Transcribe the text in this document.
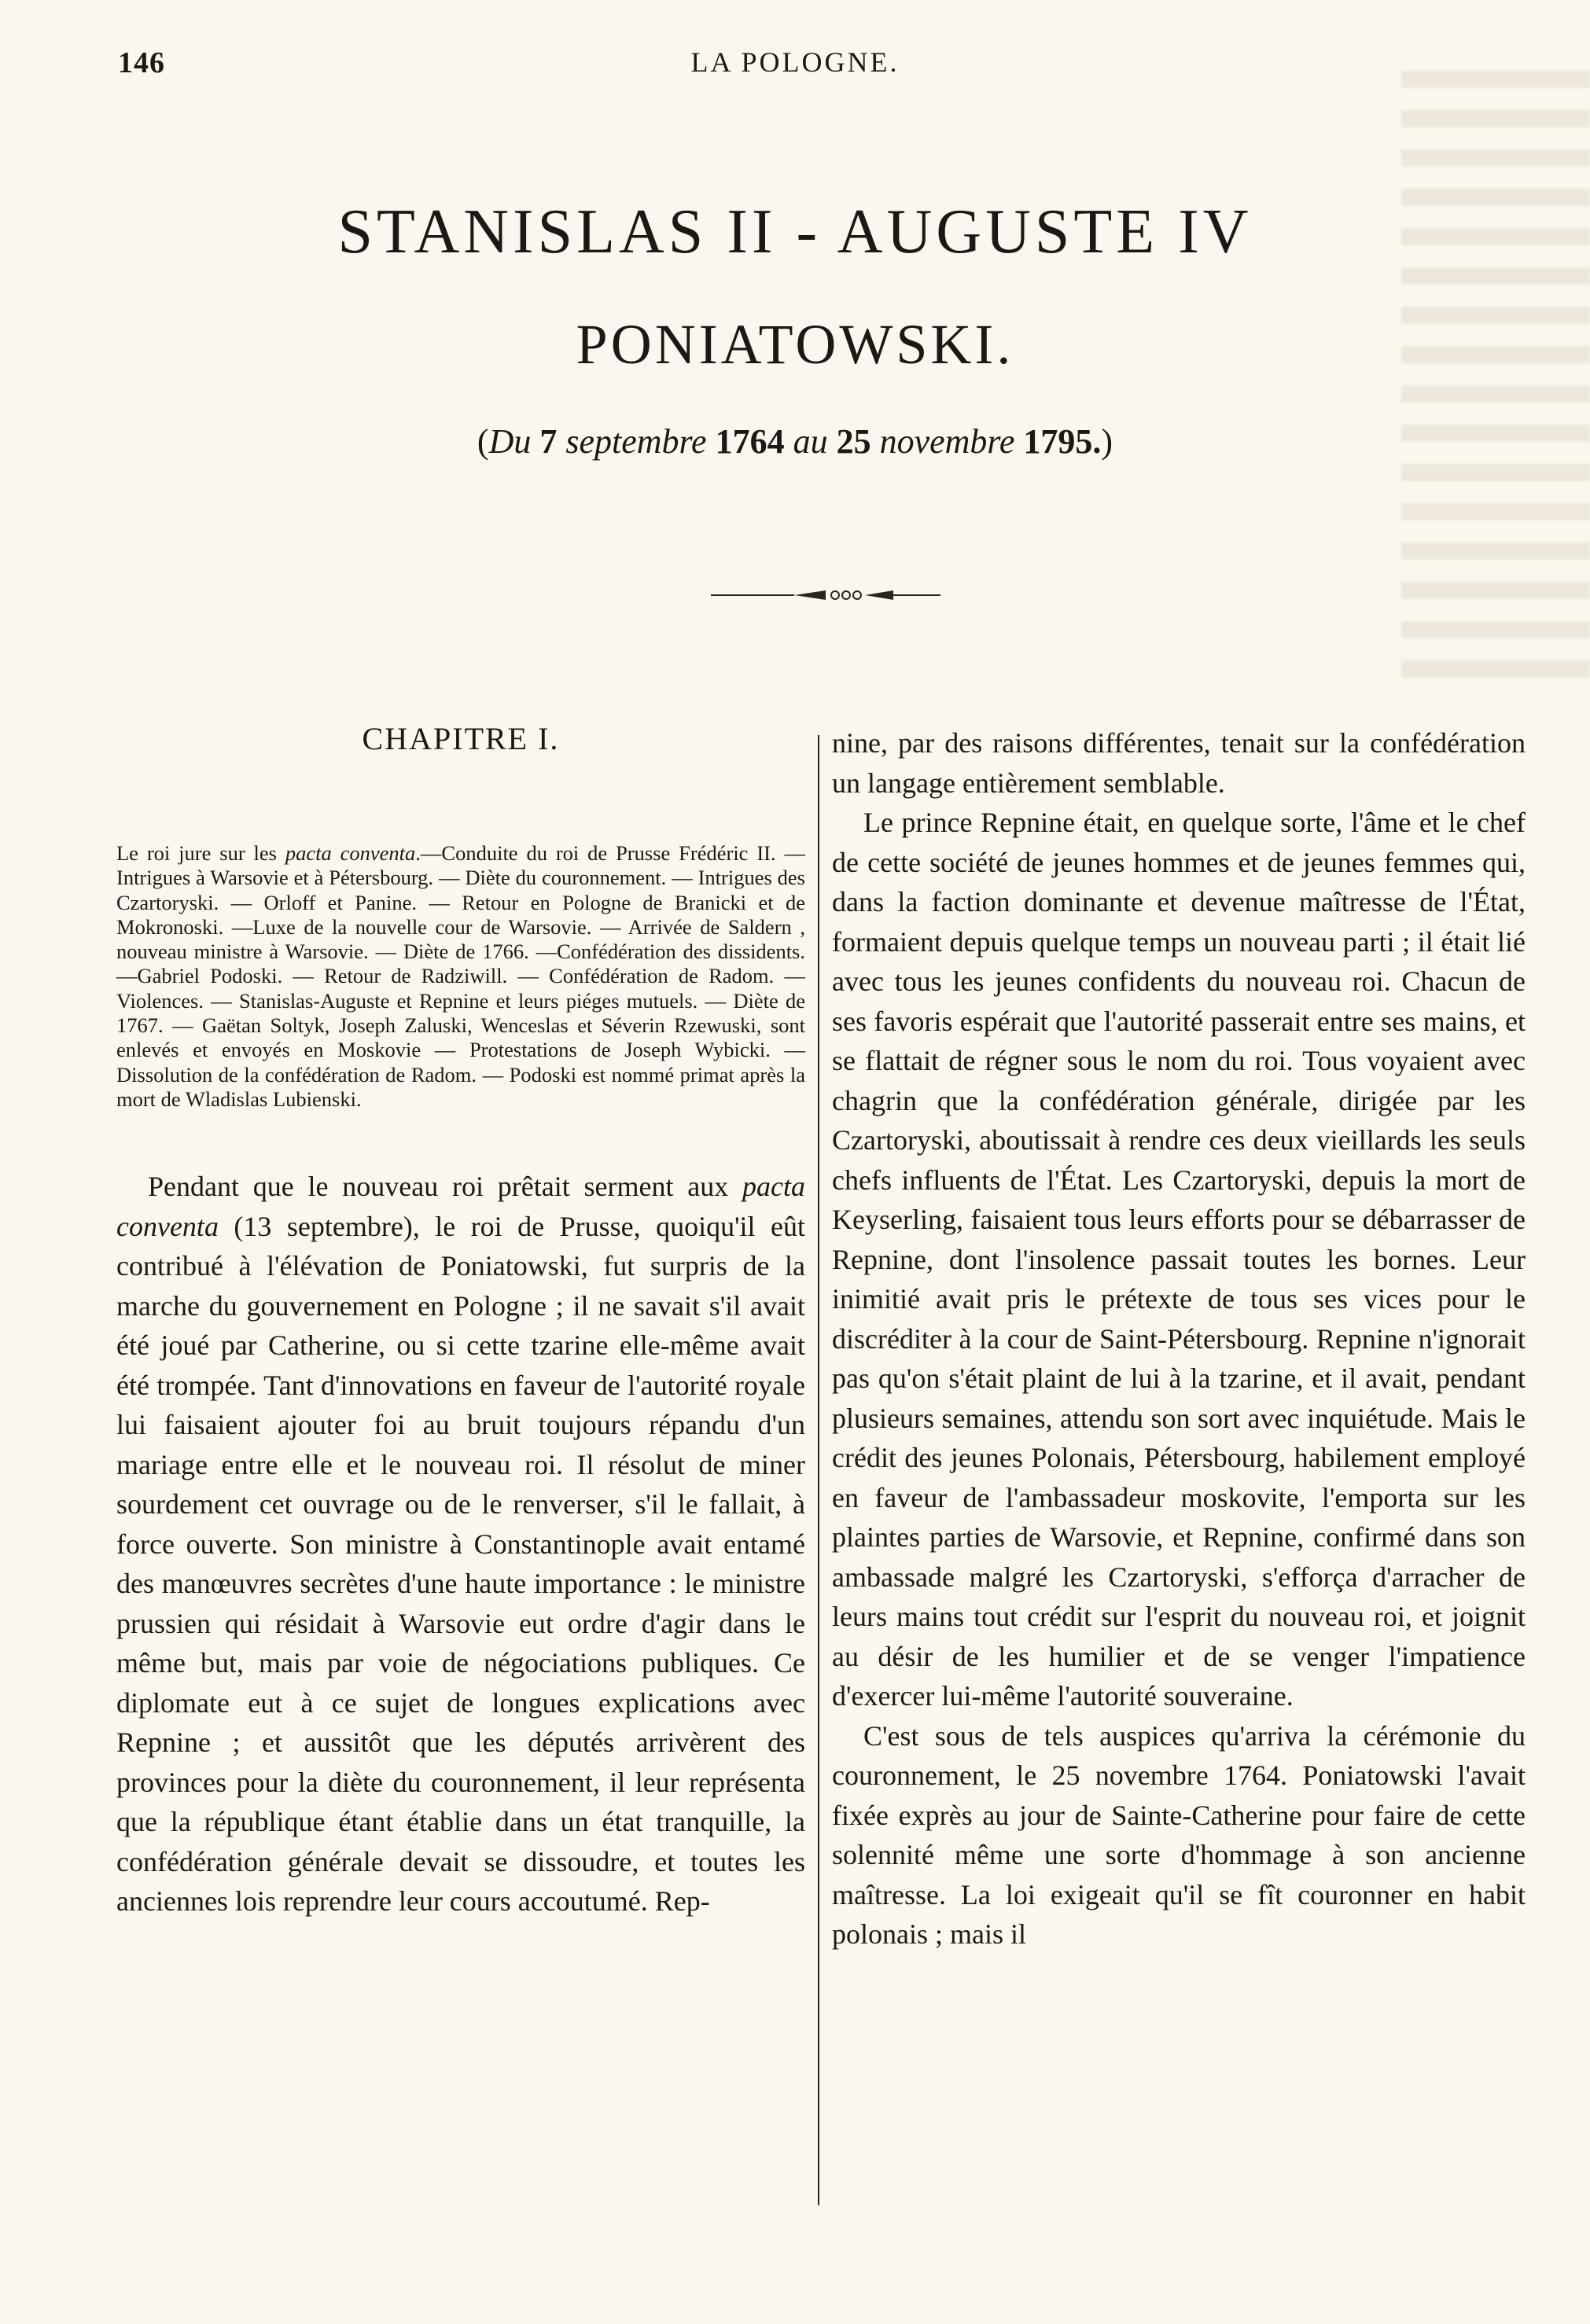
146	LA POLOGNE.
STANISLAS II - AUGUSTE IV
PONIATOWSKI.
(Du 7 septembre 1764 au 25 novembre 1795.)
CHAPITRE I.
Le roi jure sur les pacta conventa.—Conduite du roi de Prusse Frédéric II. — Intrigues à Warsovie et à Pétersbourg. — Diète du couronnement. — Intrigues des Czartoryski. — Orloff et Panine. — Retour en Pologne de Branicki et de Mokronoski. —Luxe de la nouvelle cour de Warsovie. — Arrivée de Saldern , nouveau ministre à Warsovie. — Diète de 1766. —Confédération des dissidents. —Gabriel Podoski. — Retour de Radziwill. — Confédération de Radom. — Violences. — Stanislas-Auguste et Repnine et leurs piéges mutuels. — Diète de 1767. — Gaëtan Soltyk, Joseph Zaluski, Wenceslas et Séverin Rzewuski, sont enlevés et envoyés en Moskovie — Protestations de Joseph Wybicki. — Dissolution de la confédération de Radom. — Podoski est nommé primat après la mort de Wladislas Lubienski.

Pendant que le nouveau roi prêtait serment aux pacta conventa (13 septembre), le roi de Prusse, quoiqu'il eût contribué à l'élévation de Poniatowski, fut surpris de la marche du gouvernement en Pologne ; il ne savait s'il avait été joué par Catherine, ou si cette tzarine elle-même avait été trompée. Tant d'innovations en faveur de l'autorité royale lui faisaient ajouter foi au bruit toujours répandu d'un mariage entre elle et le nouveau roi. Il résolut de miner sourdement cet ouvrage ou de le renverser, s'il le fallait, à force ouverte. Son ministre à Constantinople avait entamé des manœuvres secrètes d'une haute importance : le ministre prussien qui résidait à Warsovie eut ordre d'agir dans le même but, mais par voie de négociations publiques. Ce diplomate eut à ce sujet de longues explications avec Repnine ; et aussitôt que les députés arrivèrent des provinces pour la diète du couronnement, il leur représenta que la république étant établie dans un état tranquille, la confédération générale devait se dissoudre, et toutes les anciennes lois reprendre leur cours accoutumé. Rep-

nine, par des raisons différentes, tenait sur la confédération un langage entièrement semblable.

Le prince Repnine était, en quelque sorte, l'âme et le chef de cette société de jeunes hommes et de jeunes femmes qui, dans la faction dominante et devenue maîtresse de l'État, formaient depuis quelque temps un nouveau parti ; il était lié avec tous les jeunes confidents du nouveau roi. Chacun de ses favoris espérait que l'autorité passerait entre ses mains, et se flattait de régner sous le nom du roi. Tous voyaient avec chagrin que la confédération générale, dirigée par les Czartoryski, aboutissait à rendre ces deux vieillards les seuls chefs influents de l'État. Les Czartoryski, depuis la mort de Keyserling, faisaient tous leurs efforts pour se débarrasser de Repnine, dont l'insolence passait toutes les bornes. Leur inimitié avait pris le prétexte de tous ses vices pour le discréditer à la cour de Saint-Pétersbourg. Repnine n'ignorait pas qu'on s'était plaint de lui à la tzarine, et il avait, pendant plusieurs semaines, attendu son sort avec inquiétude. Mais le crédit des jeunes Polonais, Pétersbourg, habilement employé en faveur de l'ambassadeur moskovite, l'emporta sur les plaintes parties de Warsovie, et Repnine, confirmé dans son ambassade malgré les Czartoryski, s'efforça d'arracher de leurs mains tout crédit sur l'esprit du nouveau roi, et joignit au désir de les humilier et de se venger l'impatience d'exercer lui-même l'autorité souveraine.

C'est sous de tels auspices qu'arriva la cérémonie du couronnement, le 25 novembre 1764. Poniatowski l'avait fixée exprès au jour de Sainte-Catherine pour faire de cette solennité même une sorte d'hommage à son ancienne maîtresse. La loi exigeait qu'il se fît couronner en habit polonais ; mais il
